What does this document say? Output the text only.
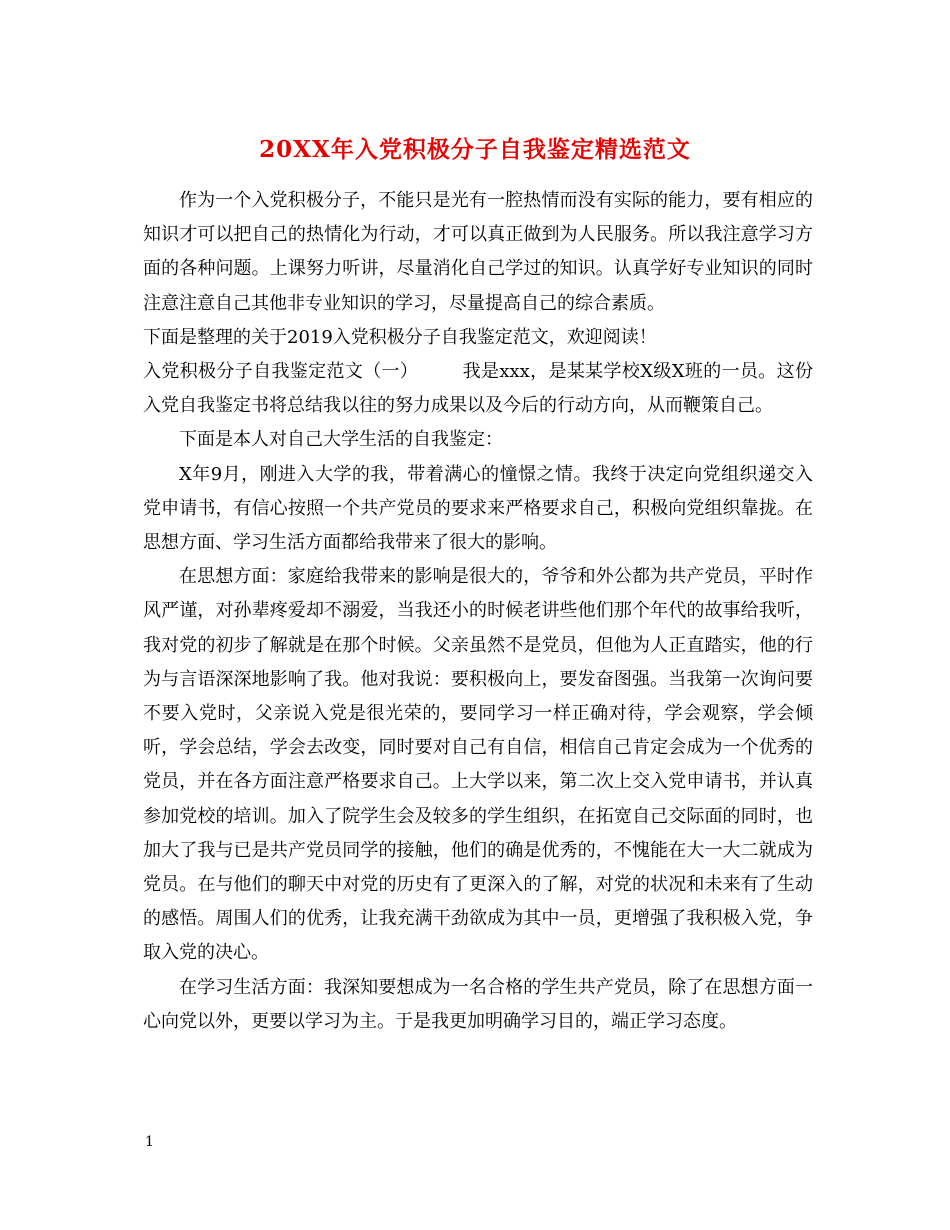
20XX年入党积极分子自我鉴定精选范文

作为一个入党积极分子，不能只是光有一腔热情而没有实际的能力，要有相应的知识才可以把自己的热情化为行动，才可以真正做到为人民服务。所以我注意学习方面的各种问题。上课努力听讲，尽量消化自己学过的知识。认真学好专业知识的同时注意注意自己其他非专业知识的学习，尽量提高自己的综合素质。

下面是整理的关于2019入党积极分子自我鉴定范文，欢迎阅读！

入党积极分子自我鉴定范文（一） 我是xxx，是某某学校X级X班的一员。这份入党自我鉴定书将总结我以往的努力成果以及今后的行动方向，从而鞭策自己。

下面是本人对自己大学生活的自我鉴定：

X年9月，刚进入大学的我，带着满心的憧憬之情。我终于决定向党组织递交入党申请书，有信心按照一个共产党员的要求来严格要求自己，积极向党组织靠拢。在思想方面、学习生活方面都给我带来了很大的影响。

在思想方面：家庭给我带来的影响是很大的，爷爷和外公都为共产党员，平时作风严谨，对孙辈疼爱却不溺爱，当我还小的时候老讲些他们那个年代的故事给我听，我对党的初步了解就是在那个时候。父亲虽然不是党员，但他为人正直踏实，他的行为与言语深深地影响了我。他对我说：要积极向上，要发奋图强。当我第一次询问要不要入党时，父亲说入党是很光荣的，要同学习一样正确对待，学会观察，学会倾听，学会总结，学会去改变，同时要对自己有自信，相信自己肯定会成为一个优秀的党员，并在各方面注意严格要求自己。上大学以来，第二次上交入党申请书，并认真参加党校的培训。加入了院学生会及较多的学生组织，在拓宽自己交际面的同时，也加大了我与已是共产党员同学的接触，他们的确是优秀的，不愧能在大一大二就成为党员。在与他们的聊天中对党的历史有了更深入的了解，对党的状况和未来有了生动的感悟。周围人们的优秀，让我充满干劲欲成为其中一员，更增强了我积极入党，争取入党的决心。

在学习生活方面：我深知要想成为一名合格的学生共产党员，除了在思想方面一心向党以外，更要以学习为主。于是我更加明确学习目的，端正学习态度。

1
